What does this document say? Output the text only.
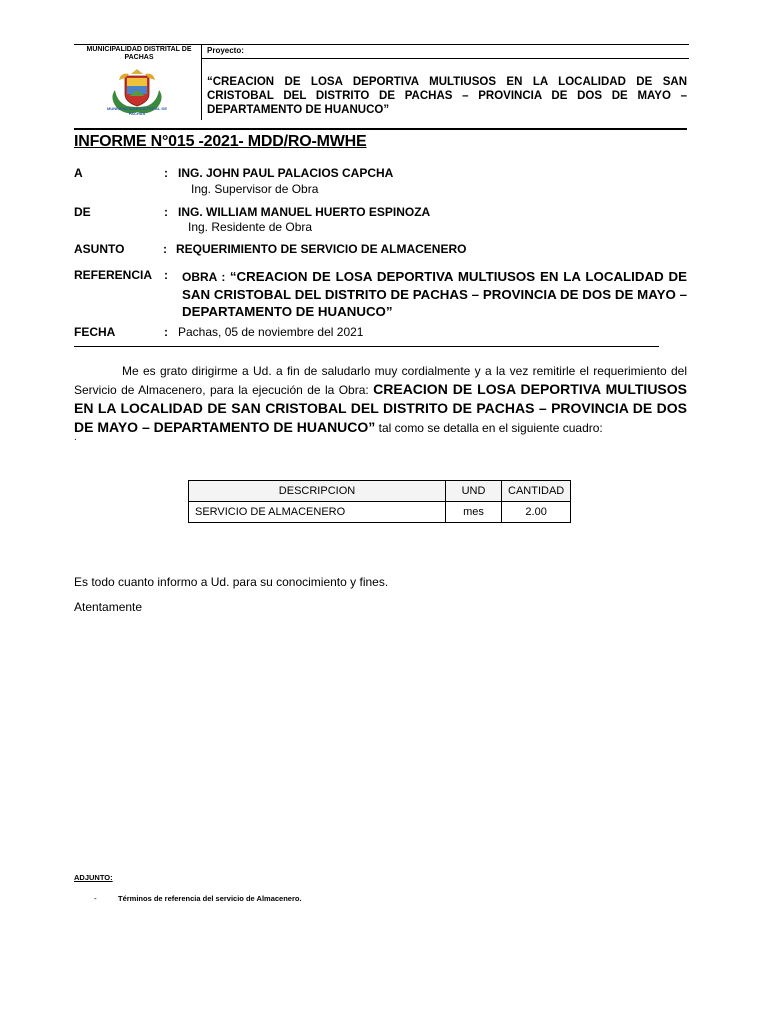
MUNICIPALIDAD DISTRITAL DE PACHAS
MUNICIPALIDAD DISTRITAL DE PACHAS
Proyecto:
“CREACION DE LOSA DEPORTIVA MULTIUSOS EN LA LOCALIDAD DE SAN CRISTOBAL DEL DISTRITO DE PACHAS – PROVINCIA DE DOS DE MAYO – DEPARTAMENTO DE HUANUCO”
INFORME N°015 -2021- MDD/RO-MWHE
A	: ING. JOHN PAUL PALACIOS CAPCHA
Ing. Supervisor de Obra
DE	: ING. WILLIAM MANUEL HUERTO ESPINOZA
Ing. Residente de Obra
ASUNTO	: REQUERIMIENTO DE SERVICIO DE ALMACENERO
REFERENCIA : OBRA : “CREACION DE LOSA DEPORTIVA MULTIUSOS EN LA LOCALIDAD DE SAN CRISTOBAL DEL DISTRITO DE PACHAS – PROVINCIA DE DOS DE MAYO – DEPARTAMENTO DE HUANUCO”
FECHA	: Pachas, 05 de noviembre del 2021
Me es grato dirigirme a Ud. a fin de saludarlo muy cordialmente y a la vez remitirle el requerimiento del Servicio de Almacenero, para la ejecución de la Obra: CREACION DE LOSA DEPORTIVA MULTIUSOS EN LA LOCALIDAD DE SAN CRISTOBAL DEL DISTRITO DE PACHAS – PROVINCIA DE DOS DE MAYO – DEPARTAMENTO DE HUANUCO” tal como se detalla en el siguiente cuadro:
.
DESCRIPCION	UND	CANTIDAD
SERVICIO DE ALMACENERO	mes	2.00
Es todo cuanto informo a Ud. para su conocimiento y fines.
Atentamente
ADJUNTO:
-	Términos de referencia del servicio de Almacenero.
